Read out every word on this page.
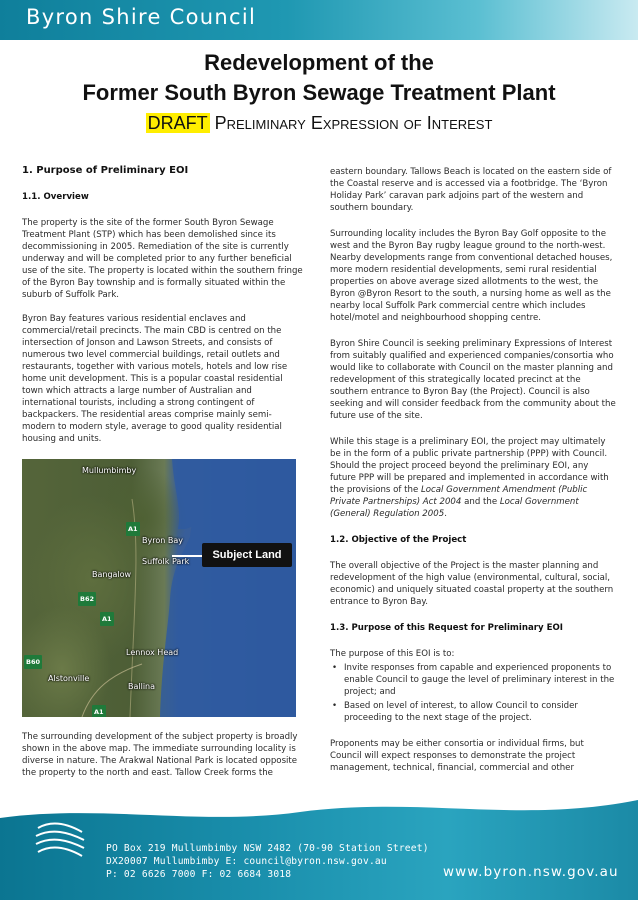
Byron Shire Council
Redevelopment of the
Former South Byron Sewage Treatment Plant
DRAFT Preliminary Expression of Interest
1. Purpose of Preliminary EOI
1.1. Overview

The property is the site of the former South Byron Sewage Treatment Plant (STP) which has been demolished since its decommissioning in 2005. Remediation of the site is currently underway and will be completed prior to any further beneficial use of the site. The property is located within the southern fringe of the Byron Bay township and is formally situated within the suburb of Suffolk Park.

Byron Bay features various residential enclaves and commercial/retail precincts. The main CBD is centred on the intersection of Jonson and Lawson Streets, and consists of numerous two level commercial buildings, retail outlets and restaurants, together with various motels, hotels and low rise home unit development. This is a popular coastal residential town which attracts a large number of Australian and international tourists, including a strong contingent of backpackers. The residential areas comprise mainly semi-modern to modern style, average to good quality residential housing and units.

Mullumbimby
Byron Bay
Suffolk Park
Bangalow
Lennox Head
Alstonville
Ballina
A1
B62
A1
B60
A1
Subject Land

The surrounding development of the subject property is broadly shown in the above map. The immediate surrounding locality is diverse in nature. The Arakwal National Park is located opposite the property to the north and east. Tallow Creek forms the

eastern boundary. Tallows Beach is located on the eastern side of the Coastal reserve and is accessed via a footbridge. The ‘Byron Holiday Park’ caravan park adjoins part of the western and southern boundary.

Surrounding locality includes the Byron Bay Golf opposite to the west and the Byron Bay rugby league ground to the north-west. Nearby developments range from conventional detached houses, more modern residential developments, semi rural residential properties on above average sized allotments to the west, the Byron @Byron Resort to the south, a nursing home as well as the nearby local Suffolk Park commercial centre which includes hotel/motel and neighbourhood shopping centre.

Byron Shire Council is seeking preliminary Expressions of Interest from suitably qualified and experienced companies/consortia who would like to collaborate with Council on the master planning and redevelopment of this strategically located precinct at the southern entrance to Byron Bay (the Project). Council is also seeking and will consider feedback from the community about the future use of the site.

While this stage is a preliminary EOI, the project may ultimately be in the form of a public private partnership (PPP) with Council. Should the project proceed beyond the preliminary EOI, any future PPP will be prepared and implemented in accordance with the provisions of the Local Government Amendment (Public Private Partnerships) Act 2004 and the Local Government (General) Regulation 2005.

1.2. Objective of the Project

The overall objective of the Project is the master planning and redevelopment of the high value (environmental, cultural, social, economic) and uniquely situated coastal property at the southern entrance to Byron Bay.

1.3. Purpose of this Request for Preliminary EOI

The purpose of this EOI is to:

• Invite responses from capable and experienced proponents to enable Council to gauge the level of preliminary interest in the project; and
• Based on level of interest, to allow Council to consider proceeding to the next stage of the project.

Proponents may be either consortia or individual firms, but Council will expect responses to demonstrate the project management, technical, financial, commercial and other

PO Box 219 Mullumbimby NSW 2482 (70-90 Station Street)
DX20007 Mullumbimby E: council@byron.nsw.gov.au
P: 02 6626 7000 F: 02 6684 3018	www.byron.nsw.gov.au
